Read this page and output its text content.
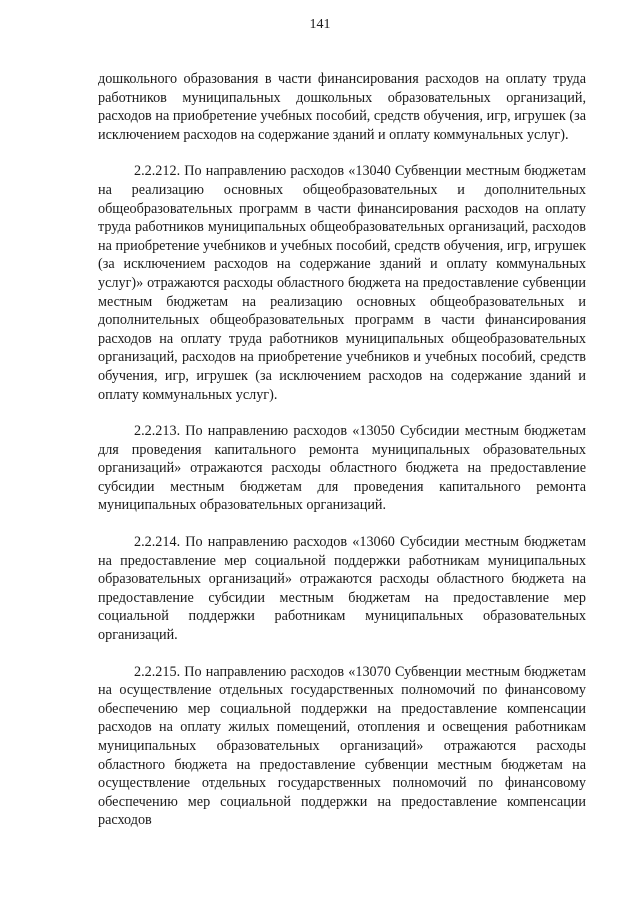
141

дошкольного образования в части финансирования расходов на оплату труда работников муниципальных дошкольных образовательных организаций, расходов на приобретение учебных пособий, средств обучения, игр, игрушек (за исключением расходов на содержание зданий и оплату коммунальных услуг).

2.2.212. По направлению расходов «13040 Субвенции местным бюджетам на реализацию основных общеобразовательных и дополнительных общеобразовательных программ в части финансирования расходов на оплату труда работников муниципальных общеобразовательных организаций, расходов на приобретение учебников и учебных пособий, средств обучения, игр, игрушек (за исключением расходов на содержание зданий и оплату коммунальных услуг)» отражаются расходы областного бюджета на предоставление субвенции местным бюджетам на реализацию основных общеобразовательных и дополнительных общеобразовательных программ в части финансирования расходов на оплату труда работников муниципальных общеобразовательных организаций, расходов на приобретение учебников и учебных пособий, средств обучения, игр, игрушек (за исключением расходов на содержание зданий и оплату коммунальных услуг).

2.2.213. По направлению расходов «13050 Субсидии местным бюджетам для проведения капитального ремонта муниципальных образовательных организаций» отражаются расходы областного бюджета на предоставление субсидии местным бюджетам для проведения капитального ремонта муниципальных образовательных организаций.

2.2.214. По направлению расходов «13060 Субсидии местным бюджетам на предоставление мер социальной поддержки работникам муниципальных образовательных организаций» отражаются расходы областного бюджета на предоставление субсидии местным бюджетам на предоставление мер социальной поддержки работникам муниципальных образовательных организаций.

2.2.215. По направлению расходов «13070 Субвенции местным бюджетам на осуществление отдельных государственных полномочий по финансовому обеспечению мер социальной поддержки на предоставление компенсации расходов на оплату жилых помещений, отопления и освещения работникам муниципальных образовательных организаций» отражаются расходы областного бюджета на предоставление субвенции местным бюджетам на осуществление отдельных государственных полномочий по финансовому обеспечению мер социальной поддержки на предоставление компенсации расходов
